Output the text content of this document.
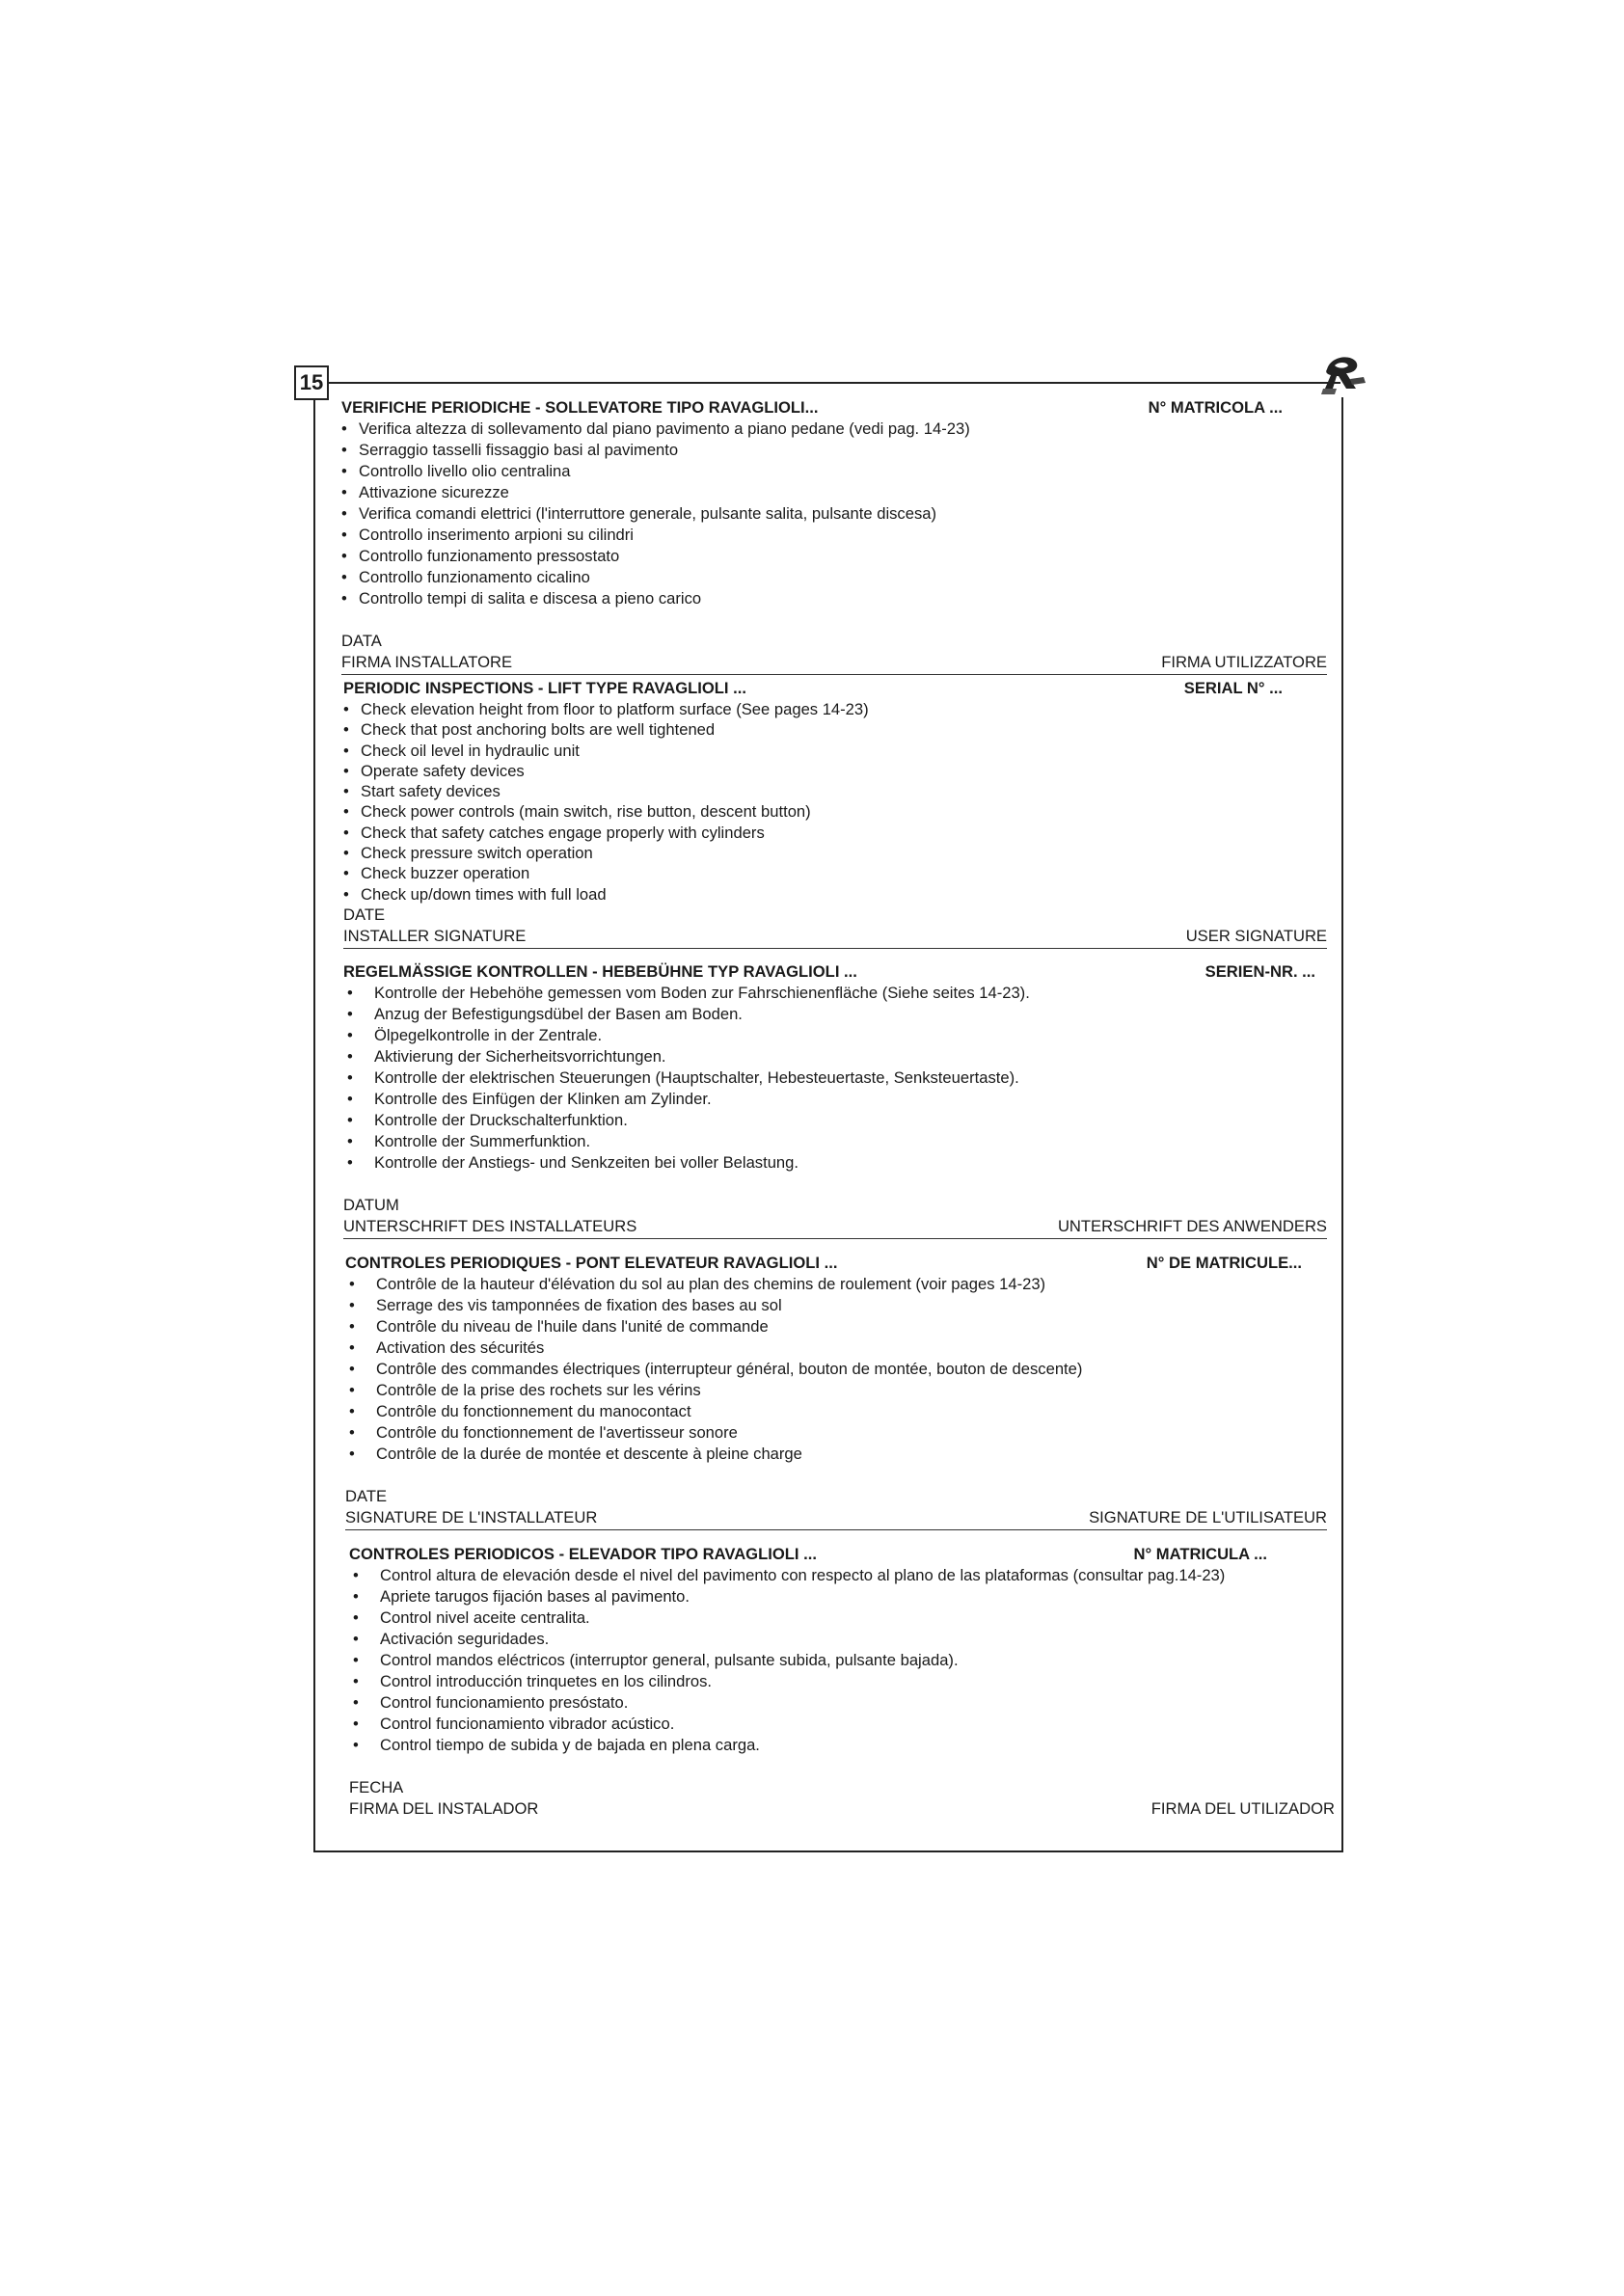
15
VERIFICHE PERIODICHE - SOLLEVATORE TIPO RAVAGLIOLI...	N° MATRICOLA ...
• Verifica altezza di sollevamento dal piano pavimento a piano pedane (vedi pag. 14-23)
• Serraggio tasselli fissaggio basi al pavimento
• Controllo livello olio centralina
• Attivazione sicurezze
• Verifica comandi elettrici (l'interruttore generale, pulsante salita, pulsante discesa)
• Controllo inserimento arpioni su cilindri
• Controllo funzionamento pressostato
• Controllo funzionamento cicalino
• Controllo tempi di salita e discesa a pieno carico
DATA
FIRMA INSTALLATORE	FIRMA UTILIZZATORE
PERIODIC INSPECTIONS - LIFT TYPE RAVAGLIOLI ...	SERIAL N° ...
• Check elevation height from floor to platform surface (See pages 14-23)
• Check that post anchoring bolts are well tightened
• Check oil level in hydraulic unit
• Operate safety devices
• Start safety devices
• Check power controls (main switch, rise button, descent button)
• Check that safety catches engage properly with cylinders
• Check pressure switch operation
• Check buzzer operation
• Check up/down times with full load
DATE
INSTALLER SIGNATURE	USER SIGNATURE
REGELMÄSSIGE KONTROLLEN - HEBEBÜHNE TYP RAVAGLIOLI ...	SERIEN-NR. ...
• Kontrolle der Hebehöhe gemessen vom Boden zur Fahrschienenfläche (Siehe seites 14-23).
• Anzug der Befestigungsdübel der Basen am Boden.
• Ölpegelkontrolle in der Zentrale.
• Aktivierung der Sicherheitsvorrichtungen.
• Kontrolle der elektrischen Steuerungen (Hauptschalter, Hebesteuertaste, Senksteuertaste).
• Kontrolle des Einfügen der Klinken am Zylinder.
• Kontrolle der Druckschalterfunktion.
• Kontrolle der Summerfunktion.
• Kontrolle der Anstiegs- und Senkzeiten bei voller Belastung.
DATUM
UNTERSCHRIFT DES INSTALLATEURS	UNTERSCHRIFT DES ANWENDERS
CONTROLES PERIODIQUES - PONT ELEVATEUR RAVAGLIOLI ...	N° DE MATRICULE...
• Contrôle de la hauteur d'élévation du sol au plan des chemins de roulement (voir pages 14-23)
• Serrage des vis tamponnées de fixation des bases au sol
• Contrôle du niveau de l'huile dans l'unité de commande
• Activation des sécurités
• Contrôle des commandes électriques (interrupteur général, bouton de montée, bouton de descente)
• Contrôle de la prise des rochets sur les vérins
• Contrôle du fonctionnement du manocontact
• Contrôle du fonctionnement de l'avertisseur sonore
• Contrôle de la durée de montée et descente à pleine charge
DATE
SIGNATURE DE L'INSTALLATEUR	SIGNATURE DE L'UTILISATEUR
CONTROLES PERIODICOS - ELEVADOR TIPO RAVAGLIOLI ...	N° MATRICULA ...
• Control altura de elevación desde el nivel del pavimento con respecto al plano de las plataformas (consultar pag.14-23)
• Apriete tarugos fijación bases al pavimento.
• Control nivel aceite centralita.
• Activación seguridades.
• Control mandos eléctricos (interruptor general, pulsante subida, pulsante bajada).
• Control introducción trinquetes en los cilindros.
• Control funcionamiento presóstato.
• Control funcionamiento vibrador acústico.
• Control tiempo de subida y de bajada en plena carga.
FECHA
FIRMA DEL INSTALADOR	FIRMA DEL UTILIZADOR
